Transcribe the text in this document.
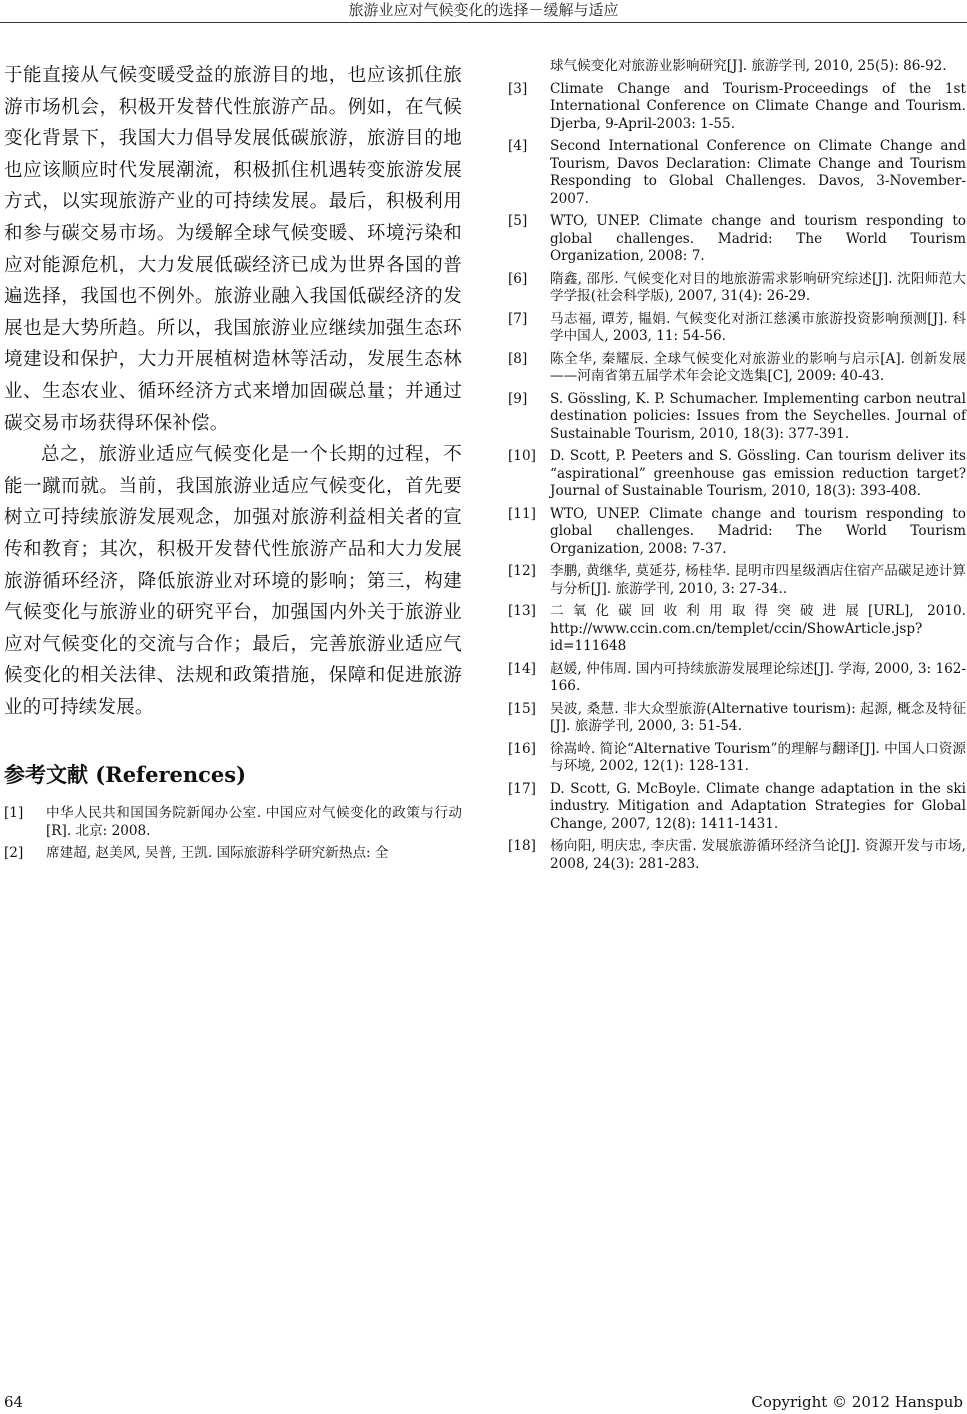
旅游业应对气候变化的选择－缓解与适应

于能直接从气候变暖受益的旅游目的地，也应该抓住旅游市场机会，积极开发替代性旅游产品。例如，在气候变化背景下，我国大力倡导发展低碳旅游，旅游目的地也应该顺应时代发展潮流，积极抓住机遇转变旅游发展方式，以实现旅游产业的可持续发展。最后，积极利用和参与碳交易市场。为缓解全球气候变暖、环境污染和应对能源危机，大力发展低碳经济已成为世界各国的普遍选择，我国也不例外。旅游业融入我国低碳经济的发展也是大势所趋。所以，我国旅游业应继续加强生态环境建设和保护，大力开展植树造林等活动，发展生态林业、生态农业、循环经济方式来增加固碳总量；并通过碳交易市场获得环保补偿。

总之，旅游业适应气候变化是一个长期的过程，不能一蹴而就。当前，我国旅游业适应气候变化，首先要树立可持续旅游发展观念，加强对旅游利益相关者的宣传和教育；其次，积极开发替代性旅游产品和大力发展旅游循环经济，降低旅游业对环境的影响；第三，构建气候变化与旅游业的研究平台，加强国内外关于旅游业应对气候变化的交流与合作；最后，完善旅游业适应气候变化的相关法律、法规和政策措施，保障和促进旅游业的可持续发展。

参考文献 (References)
[1]	中华人民共和国国务院新闻办公室. 中国应对气候变化的政策与行动[R]. 北京: 2008.
[2]	席建超, 赵美风, 吴普, 王凯. 国际旅游科学研究新热点: 全
球气候变化对旅游业影响研究[J]. 旅游学刊, 2010, 25(5): 86-92.
[3]	Climate Change and Tourism-Proceedings of the 1st International Conference on Climate Change and Tourism. Djerba, 9-April-2003: 1-55.
[4]	Second International Conference on Climate Change and Tourism, Davos Declaration: Climate Change and Tourism Responding to Global Challenges. Davos, 3-November-2007.
[5]	WTO, UNEP. Climate change and tourism responding to global challenges. Madrid: The World Tourism Organization, 2008: 7.
[6]	隋鑫, 邵彤. 气候变化对目的地旅游需求影响研究综述[J]. 沈阳师范大学学报(社会科学版), 2007, 31(4): 26-29.
[7]	马志福, 谭芳, 韫娟. 气候变化对浙江慈溪市旅游投资影响预测[J]. 科学中国人, 2003, 11: 54-56.
[8]	陈全华, 秦耀辰. 全球气候变化对旅游业的影响与启示[A]. 创新发展——河南省第五届学术年会论文选集[C], 2009: 40-43.
[9]	S. Gössling, K. P. Schumacher. Implementing carbon neutral destination policies: Issues from the Seychelles. Journal of Sustainable Tourism, 2010, 18(3): 377-391.
[10]	D. Scott, P. Peeters and S. Gössling. Can tourism deliver its “aspirational” greenhouse gas emission reduction target? Journal of Sustainable Tourism, 2010, 18(3): 393-408.
[11]	WTO, UNEP. Climate change and tourism responding to global challenges. Madrid: The World Tourism Organization, 2008: 7-37.
[12]	李鹏, 黄继华, 莫延芬, 杨桂华. 昆明市四星级酒店住宿产品碳足迹计算与分析[J]. 旅游学刊, 2010, 3: 27-34..
[13]	二氧化碳回收利用取得突破进展[URL], 2010. http://www.ccin.com.cn/templet/ccin/ShowArticle.jsp?id=111648
[14]	赵媛, 仲伟周. 国内可持续旅游发展理论综述[J]. 学海, 2000, 3: 162-166.
[15]	吴波, 桑慧. 非大众型旅游(Alternative tourism): 起源, 概念及特征[J]. 旅游学刊, 2000, 3: 51-54.
[16]	徐嵩岭. 简论“Alternative Tourism”的理解与翻译[J]. 中国人口资源与环境, 2002, 12(1): 128-131.
[17]	D. Scott, G. McBoyle. Climate change adaptation in the ski industry. Mitigation and Adaptation Strategies for Global Change, 2007, 12(8): 1411-1431.
[18]	杨向阳, 明庆忠, 李庆雷. 发展旅游循环经济刍论[J]. 资源开发与市场, 2008, 24(3): 281-283.
64	Copyright © 2012 Hanspub
